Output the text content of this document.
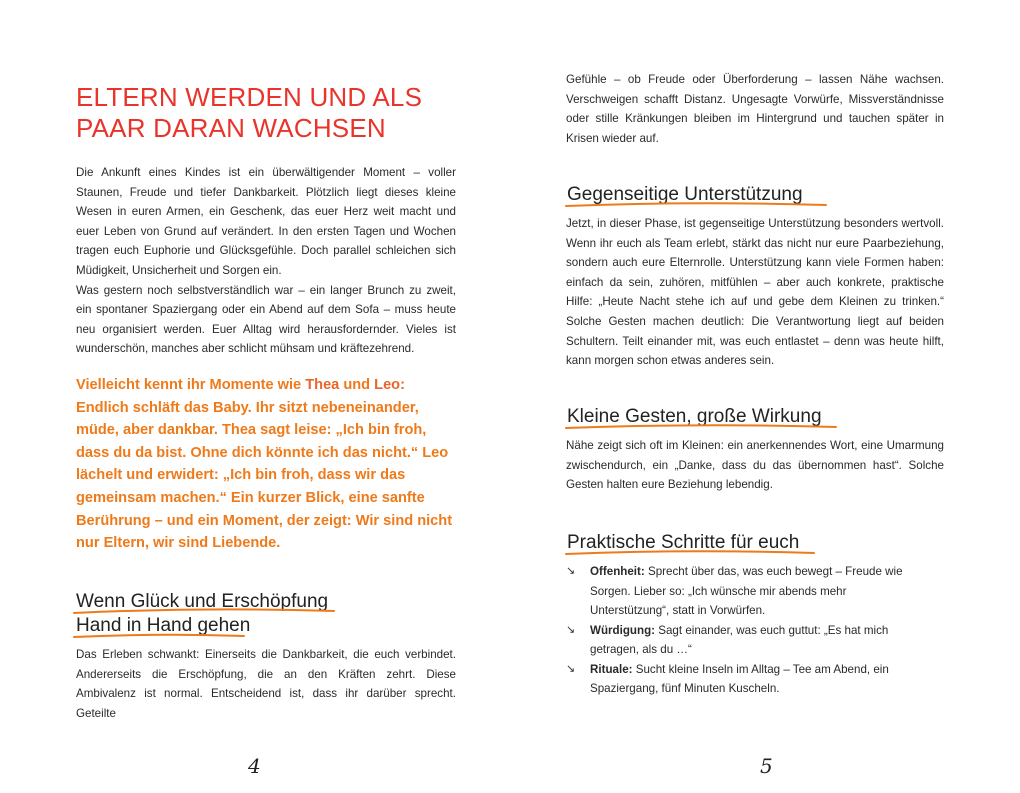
ELTERN WERDEN UND ALS
PAAR DARAN WACHSEN

Die Ankunft eines Kindes ist ein überwältigender Moment – voller Staunen, Freude und tiefer Dankbarkeit. Plötzlich liegt dieses kleine Wesen in euren Armen, ein Geschenk, das euer Herz weit macht und euer Leben von Grund auf verändert. In den ersten Tagen und Wochen tragen euch Euphorie und Glücksgefühle. Doch parallel schleichen sich Müdigkeit, Unsicherheit und Sorgen ein.
Was gestern noch selbstverständlich war – ein langer Brunch zu zweit, ein spontaner Spaziergang oder ein Abend auf dem Sofa – muss heute neu organisiert werden. Euer Alltag wird herausfordernder. Vieles ist wunderschön, manches aber schlicht mühsam und kräftezehrend.

Vielleicht kennt ihr Momente wie Thea und Leo: Endlich schläft das Baby. Ihr sitzt nebeneinander, müde, aber dankbar. Thea sagt leise: „Ich bin froh, dass du da bist. Ohne dich könnte ich das nicht.“ Leo lächelt und erwidert: „Ich bin froh, dass wir das gemeinsam machen.“ Ein kurzer Blick, eine sanfte Berührung – und ein Moment, der zeigt: Wir sind nicht nur Eltern, wir sind Liebende.

Wenn Glück und Erschöpfung
Hand in Hand gehen

Das Erleben schwankt: Einerseits die Dankbarkeit, die euch verbindet. Andererseits die Erschöpfung, die an den Kräften zehrt. Diese Ambivalenz ist normal. Entscheidend ist, dass ihr darüber sprecht. Geteilte

4

Gefühle – ob Freude oder Überforderung – lassen Nähe wachsen. Verschweigen schafft Distanz. Ungesagte Vorwürfe, Missverständnisse oder stille Kränkungen bleiben im Hintergrund und tauchen später in Krisen wieder auf.

Gegenseitige Unterstützung

Jetzt, in dieser Phase, ist gegenseitige Unterstützung besonders wertvoll. Wenn ihr euch als Team erlebt, stärkt das nicht nur eure Paarbeziehung, sondern auch eure Elternrolle. Unterstützung kann viele Formen haben: einfach da sein, zuhören, mitfühlen – aber auch konkrete, praktische Hilfe: „Heute Nacht stehe ich auf und gebe dem Kleinen zu trinken.“ Solche Gesten machen deutlich: Die Verantwortung liegt auf beiden Schultern. Teilt einander mit, was euch entlastet – denn was heute hilft, kann morgen schon etwas anderes sein.

Kleine Gesten, große Wirkung

Nähe zeigt sich oft im Kleinen: ein anerkennendes Wort, eine Umarmung zwischendurch, ein „Danke, dass du das übernommen hast“. Solche Gesten halten eure Beziehung lebendig.

Praktische Schritte für euch
↘ Offenheit: Sprecht über das, was euch bewegt – Freude wie Sorgen. Lieber so: „Ich wünsche mir abends mehr Unterstützung“, statt in Vorwürfen.
↘ Würdigung: Sagt einander, was euch guttut: „Es hat mich getragen, als du …“
↘ Rituale: Sucht kleine Inseln im Alltag – Tee am Abend, ein Spaziergang, fünf Minuten Kuscheln.
5
